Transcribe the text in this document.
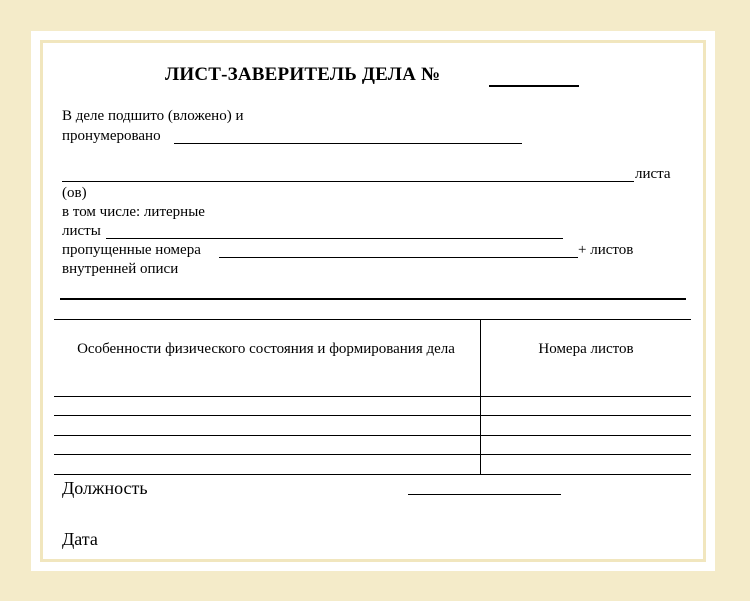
ЛИСТ-ЗАВЕРИТЕЛЬ ДЕЛА №
В деле подшито (вложено) и
пронумеровано
листа
(ов)
в том числе: литерные
листы
пропущенные номера	+ листов
внутренней описи
Особенности физического состояния и формирования дела	Номера листов
Должность
Дата
